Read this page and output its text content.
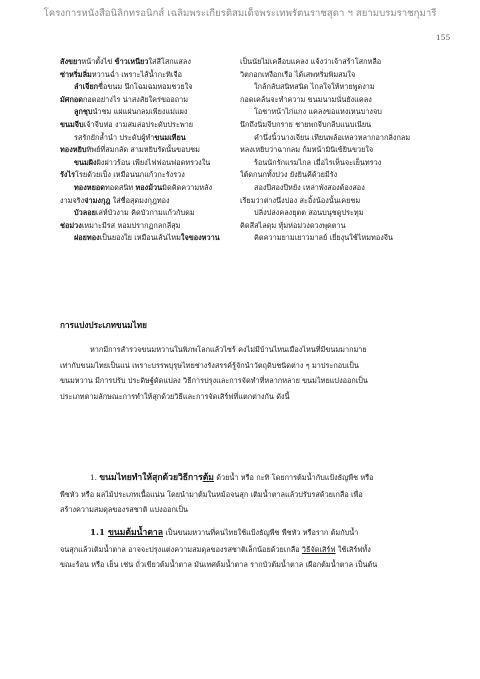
โครงการหนังสือนิลิกทรอนิกส์ เฉลิมพระเกียรติสมเด็จพระเทพรัตนราชสุดา ฯ สยามบรมราชกุมารี
155
สังขยาหน้าตั้งไข่ ข้าวเหนียวใส่สีโสกแสลง	เป็นนัยไม่เคลือบแคลง แจ้งว่าเจ้าสร้าโสกหลือ
ซ่าหริ่มลิ่มหวานฉ่ำ เพราะไส้น้ำกะทิเจือ	วิตกอกเหงือกเรือ ได้เสพหริ่มพิมสมใจ
ลำเจียกชื่อขนม นึกโฉมฉมหอมชวยใจ	ใกล้กลับสนิทสนิด ไกลใจให้หายพูดงาม
มัศกอดกอดอย่างไร น่าสงสัยใคร่ขออถาม	กอดเคล้นจะทำความ ขนมนามนั่นยังแคลง
ลูกชุบนำชม แผ่แผ่นกลมเพียงแม่แผง	โอชาหน้าไก่แกง แคลงขอแหงเหนบางจบ
ขนมจีบเจ้าจีบห่อ งามสมล่อประดับประพาย	นึกถึงนิ่มจีบกราย ชายพกจีบกลีบแนบเนียน
รสรักยักล้ำนำ ประดับผู้ทำขนมเทียน	คำนึ่งนิ้วนางเจียน เทียนพล้อเหลวหลากอากลิ่งกลม
ทองหยิบทิพย์ที่สมกลัด สามหยิบรัดนั้นขอบชม	หลงเหยิบว่าฉากลม ก้มหน้ามินิเข้ยินขวยใจ
ขนมผิงผิงผ่าวร้อน เพียงไฟฟอนฟอดทรวงใน	ร้อนนักรักแรมไกล เมื่อไรเห็นจะเย็นทรวง
รังไรโรยด้วยเป็ง เหมือนนกแก้วกะรังรวง	ใต้ดกนกทั้งปวง ยังยินคีด้วยมีรัง
ทองหยอดทอดสนิท ทองม้วนมิดคิดความหลัง	สองปีสองปีหยัง เหล่าพังสองต้องสอง
งามจริงจ่ามงกุฎ ใส่ชื่อสุดมงกุฎทอง	เรียมว่าต่างนึ่งปอง สะอิ้งน้องนั้นเคยชม
บัวลอยเล่ห์บัวงาม คิดบัวกามแก้วกับดม	ปลิ่งปล่งคลงยุตต สอนบนุชดูประทุม
ช่อม่วงเหมาะมีรส หอมปรากฏกลกลีสุม	คิดสีสไลดุม ทุ้มห่อม่วงดวงพุดตาน
ฝอยทองเป็นยองใย เหมือนเส้นไหมใจของหวาน	คิดความยามเยาวมาลย์ เยี่ยงุนใช้ไหมทองจีน
การแบ่งประเภทขนมไทย
หากมีการสำรวจขนมหวานในพิภพโลกแล้วไซร้ คงไม่มีบ้านไหนเมืองไหนที่มีขนมมากมาย
เท่ากับขนมไทยเป็นแน่ เพราะบรรพบุรุษไทยช่างรังสรรค์รู้จักนำวัตถุดิบชนิดต่าง ๆ มาประกอบเป็น
ขนมหวาน มีการปรับ ประดิษฐ์ดัดแปลง วิธีการปรุงและการจัดทำที่หลากหลาย ขนมไทยแบ่งออกเป็น
ประเภทตามลักษณะการทำให้สุกด้วยวิธีและการจัดเสิร์ฟที่แตกต่างกัน ดังนี้
1. ขนมไทยทำให้สุกด้วยวิธีการต้ม ด้วยน้ำ หรือ กะทิ โดยการต้มน้ำกับแป้งธัญพืช หรือ
พืชหัว หรือ ผลไม้ประเภทเนื้อแน่น โดยนำมาต้มในหม้อจนสุก เติมน้ำตาลแล้วปรับรสด้วยเกลือ เพื่อ
สร้างความสมดุลของรสชาติ แบ่งออกเป็น
1.1 ขนมต้มน้ำตาล เป็นขนมหวานที่คนไทยใช้แป้งธัญพืช พืชหัว หรือราก ต้มกับน้ำ
จนสุกแล้วเติมน้ำตาล อาจจะปรุงแต่งความสมดุลของรสชาติเล็กน้อยด้วยเกลือ วิธีจัดเสิร์ฟ ใช้เสิร์ฟทั้ง
ขณะร้อน หรือ เย็น เช่น ถั่วเขียวต้มน้ำตาล มันเทศต้มน้ำตาล รากบัวต้มน้ำตาล เผือกต้มน้ำตาล เป็นต้น
